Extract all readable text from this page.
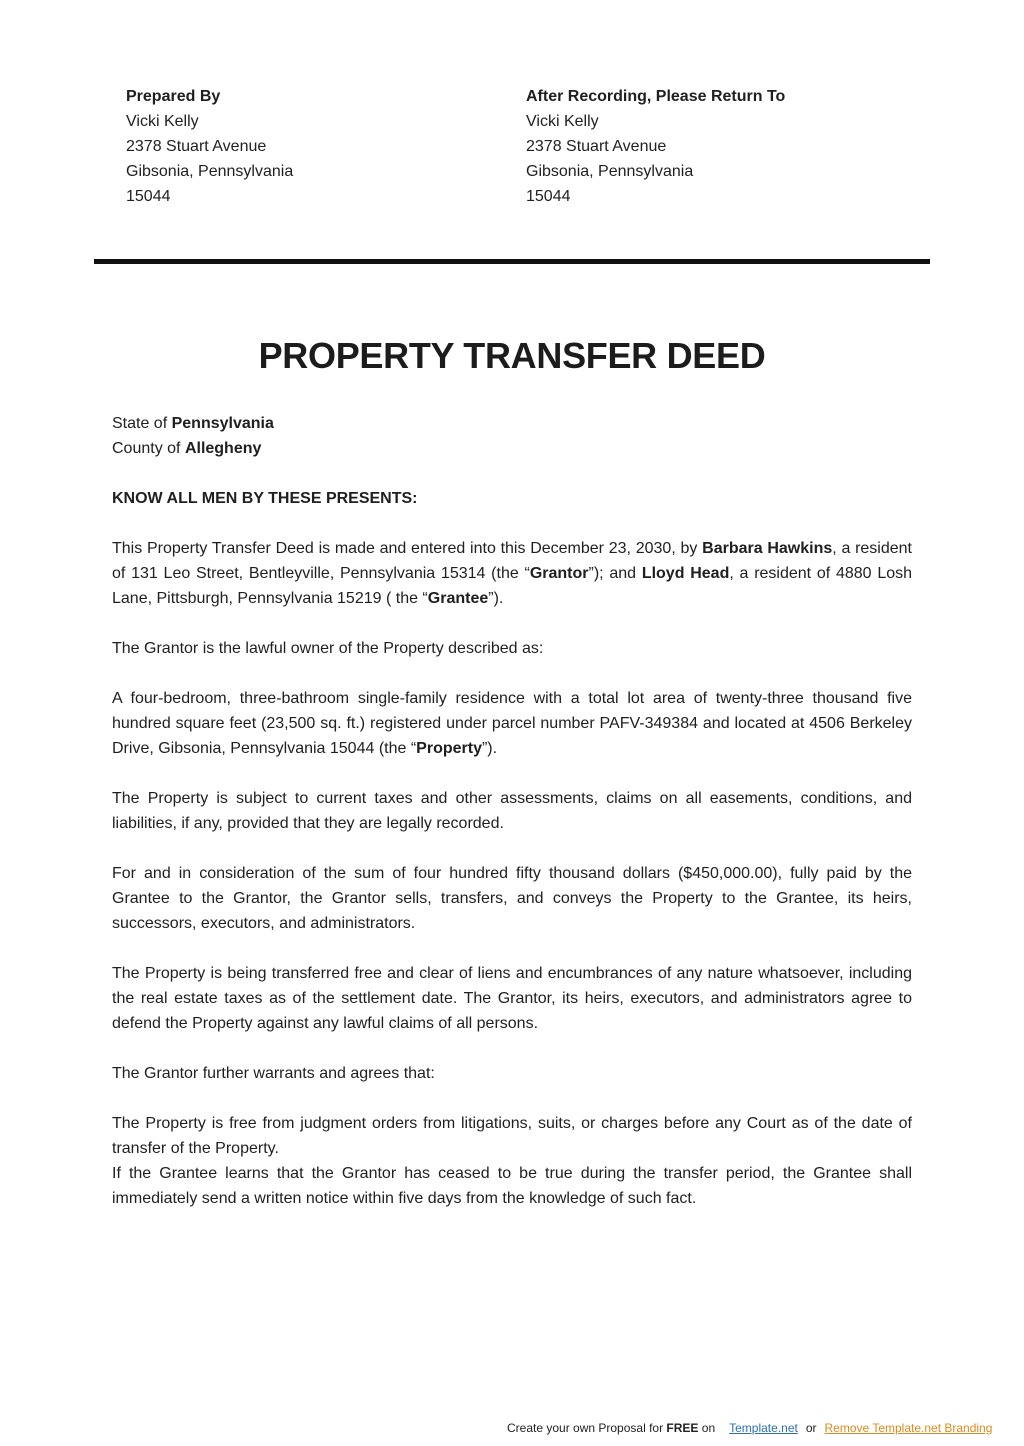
Prepared By
Vicki Kelly
2378 Stuart Avenue
Gibsonia, Pennsylvania
15044
After Recording, Please Return To
Vicki Kelly
2378 Stuart Avenue
Gibsonia, Pennsylvania
15044
PROPERTY TRANSFER DEED

State of Pennsylvania

County of Allegheny

KNOW ALL MEN BY THESE PRESENTS:

This Property Transfer Deed is made and entered into this December 23, 2030, by Barbara Hawkins, a resident of 131 Leo Street, Bentleyville, Pennsylvania 15314 (the “Grantor”); and Lloyd Head, a resident of 4880 Losh Lane, Pittsburgh, Pennsylvania 15219 ( the “Grantee”).

The Grantor is the lawful owner of the Property described as:

A four-bedroom, three-bathroom single-family residence with a total lot area of twenty-three thousand five hundred square feet (23,500 sq. ft.) registered under parcel number PAFV-349384 and located at 4506 Berkeley Drive, Gibsonia, Pennsylvania 15044 (the “Property”).

The Property is subject to current taxes and other assessments, claims on all easements, conditions, and liabilities, if any, provided that they are legally recorded.

For and in consideration of the sum of four hundred fifty thousand dollars ($450,000.00), fully paid by the Grantee to the Grantor, the Grantor sells, transfers, and conveys the Property to the Grantee, its heirs, successors, executors, and administrators.

The Property is being transferred free and clear of liens and encumbrances of any nature whatsoever, including the real estate taxes as of the settlement date. The Grantor, its heirs, executors, and administrators agree to defend the Property against any lawful claims of all persons.

The Grantor further warrants and agrees that:

The Property is free from judgment orders from litigations, suits, or charges before any Court as of the date of transfer of the Property.

If the Grantee learns that the Grantor has ceased to be true during the transfer period, the Grantee shall immediately send a written notice within five days from the knowledge of such fact.

Create your own Proposal for FREE on Template.net or Remove Template.net Branding
